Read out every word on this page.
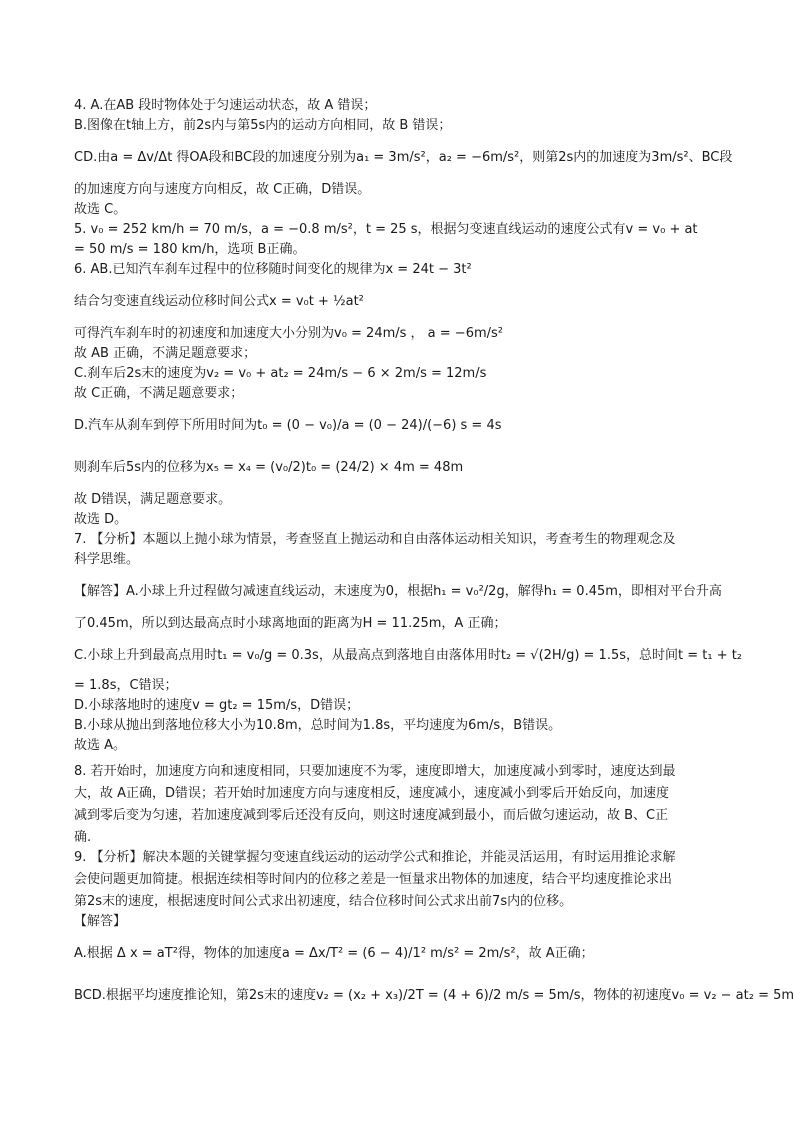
4. A.在AB 段时物体处于匀速运动状态，故 A 错误；
B.图像在t轴上方，前2s内与第5s内的运动方向相同，故 B 错误；
CD.由a = Δv/Δt 得OA段和BC段的加速度分别为a₁ = 3m/s²，a₂ = −6m/s²，则第2s内的加速度为3m/s²、BC段
的加速度方向与速度方向相反，故 C正确，D错误。
故选 C。
5. v₀ = 252 km/h = 70 m/s，a = −0.8 m/s²，t = 25 s，根据匀变速直线运动的速度公式有v = v₀ + at
= 50 m/s = 180 km/h，选项 B正确。
6. AB.已知汽车刹车过程中的位移随时间变化的规律为x = 24t − 3t²
结合匀变速直线运动位移时间公式x = v₀t + ½at²
可得汽车刹车时的初速度和加速度大小分别为v₀ = 24m/s ， a = −6m/s²
故 AB 正确，不满足题意要求；
C.刹车后2s末的速度为v₂ = v₀ + at₂ = 24m/s − 6 × 2m/s = 12m/s
故 C正确，不满足题意要求；
D.汽车从刹车到停下所用时间为t₀ = (0 − v₀)/a = (0 − 24)/(−6) s = 4s
则刹车后5s内的位移为x₅ = x₄ = (v₀/2)t₀ = (24/2) × 4m = 48m
故 D错误，满足题意要求。
故选 D。
7. 【分析】本题以上抛小球为情景，考查竖直上抛运动和自由落体运动相关知识，考查考生的物理观念及
科学思维。
【解答】A.小球上升过程做匀减速直线运动，末速度为0，根据h₁ = v₀²/2g，解得h₁ = 0.45m，即相对平台升高
了0.45m，所以到达最高点时小球离地面的距离为H = 11.25m，A 正确；
C.小球上升到最高点用时t₁ = v₀/g = 0.3s，从最高点到落地自由落体用时t₂ = √(2H/g) = 1.5s，总时间t = t₁ + t₂
= 1.8s，C错误；
D.小球落地时的速度v = gt₂ = 15m/s，D错误；
B.小球从抛出到落地位移大小为10.8m，总时间为1.8s，平均速度为6m/s，B错误。
故选 A。
8. 若开始时，加速度方向和速度相同，只要加速度不为零，速度即增大，加速度减小到零时，速度达到最
大，故 A正确，D错误；若开始时加速度方向与速度相反，速度减小，速度减小到零后开始反向，加速度
减到零后变为匀速，若加速度减到零后还没有反向，则这时速度减到最小，而后做匀速运动，故 B、C正
确.
9. 【分析】解决本题的关键掌握匀变速直线运动的运动学公式和推论，并能灵活运用，有时运用推论求解
会使问题更加简捷。根据连续相等时间内的位移之差是一恒量求出物体的加速度，结合平均速度推论求出
第2s末的速度，根据速度时间公式求出初速度，结合位移时间公式求出前7s内的位移。
【解答】
A.根据 Δ x = aT²得，物体的加速度a = Δx/T² = (6 − 4)/1² m/s² = 2m/s²，故 A正确；
BCD.根据平均速度推论知，第2s末的速度v₂ = (x₂ + x₃)/2T = (4 + 6)/2 m/s = 5m/s，物体的初速度v₀ = v₂ − at₂ = 5m
